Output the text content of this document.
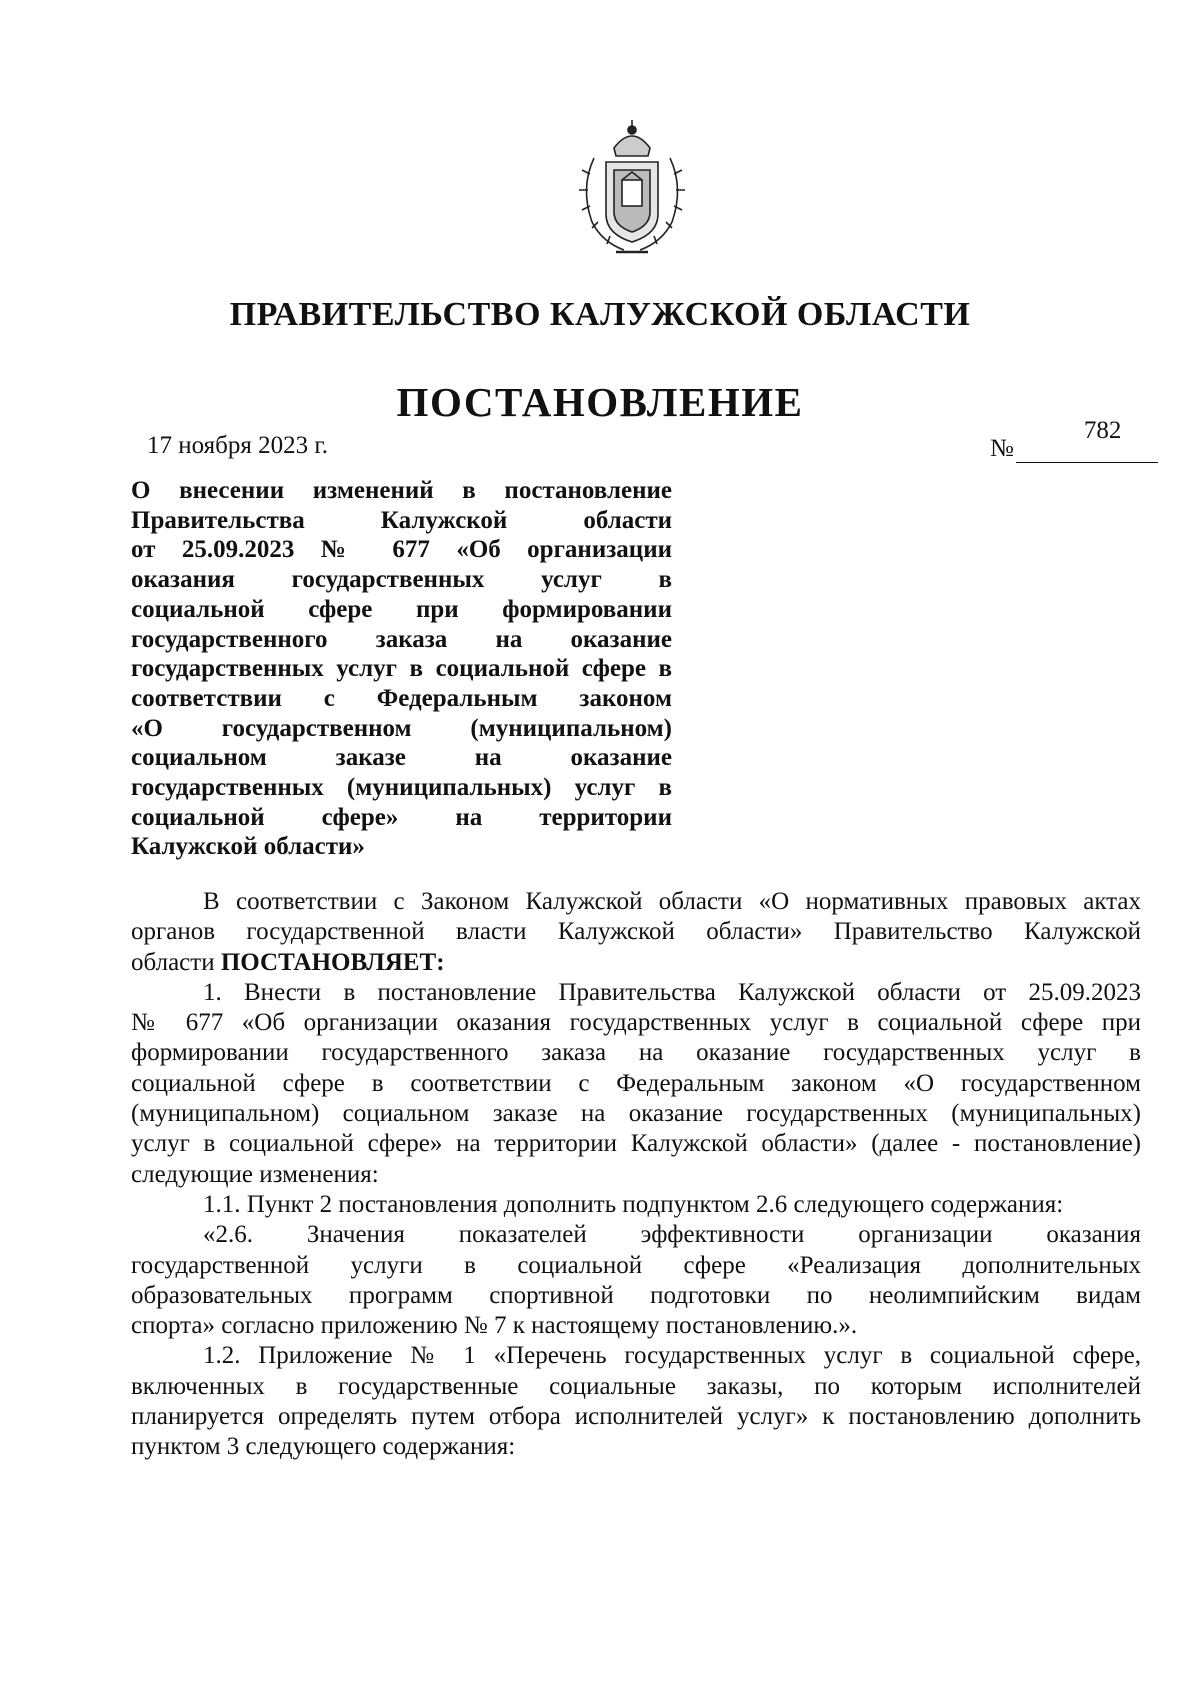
ПРАВИТЕЛЬСТВО КАЛУЖСКОЙ ОБЛАСТИ
ПОСТАНОВЛЕНИЕ
17 ноября 2023 г.	№
782
О внесении изменений в постановление
Правительства Калужской области
от 25.09.2023 № 677 «Об организации
оказания государственных услуг в
социальной сфере при формировании
государственного заказа на оказание
государственных услуг в социальной сфере в
соответствии с Федеральным законом
«О государственном (муниципальном)
социальном заказе на оказание
государственных (муниципальных) услуг в
социальной сфере» на территории
Калужской области»
В соответствии с Законом Калужской области «О нормативных правовых актах
органов государственной власти Калужской области» Правительство Калужской
области ПОСТАНОВЛЯЕТ:
1. Внести в постановление Правительства Калужской области от 25.09.2023
№ 677 «Об организации оказания государственных услуг в социальной сфере при
формировании государственного заказа на оказание государственных услуг в
социальной сфере в соответствии с Федеральным законом «О государственном
(муниципальном) социальном заказе на оказание государственных (муниципальных)
услуг в социальной сфере» на территории Калужской области» (далее - постановление)
следующие изменения:
1.1. Пункт 2 постановления дополнить подпунктом 2.6 следующего содержания:
«2.6. Значения показателей эффективности организации оказания
государственной услуги в социальной сфере «Реализация дополнительных
образовательных программ спортивной подготовки по неолимпийским видам
спорта» согласно приложению № 7 к настоящему постановлению.».
1.2. Приложение № 1 «Перечень государственных услуг в социальной сфере,
включенных в государственные социальные заказы, по которым исполнителей
планируется определять путем отбора исполнителей услуг» к постановлению дополнить
пунктом 3 следующего содержания:
